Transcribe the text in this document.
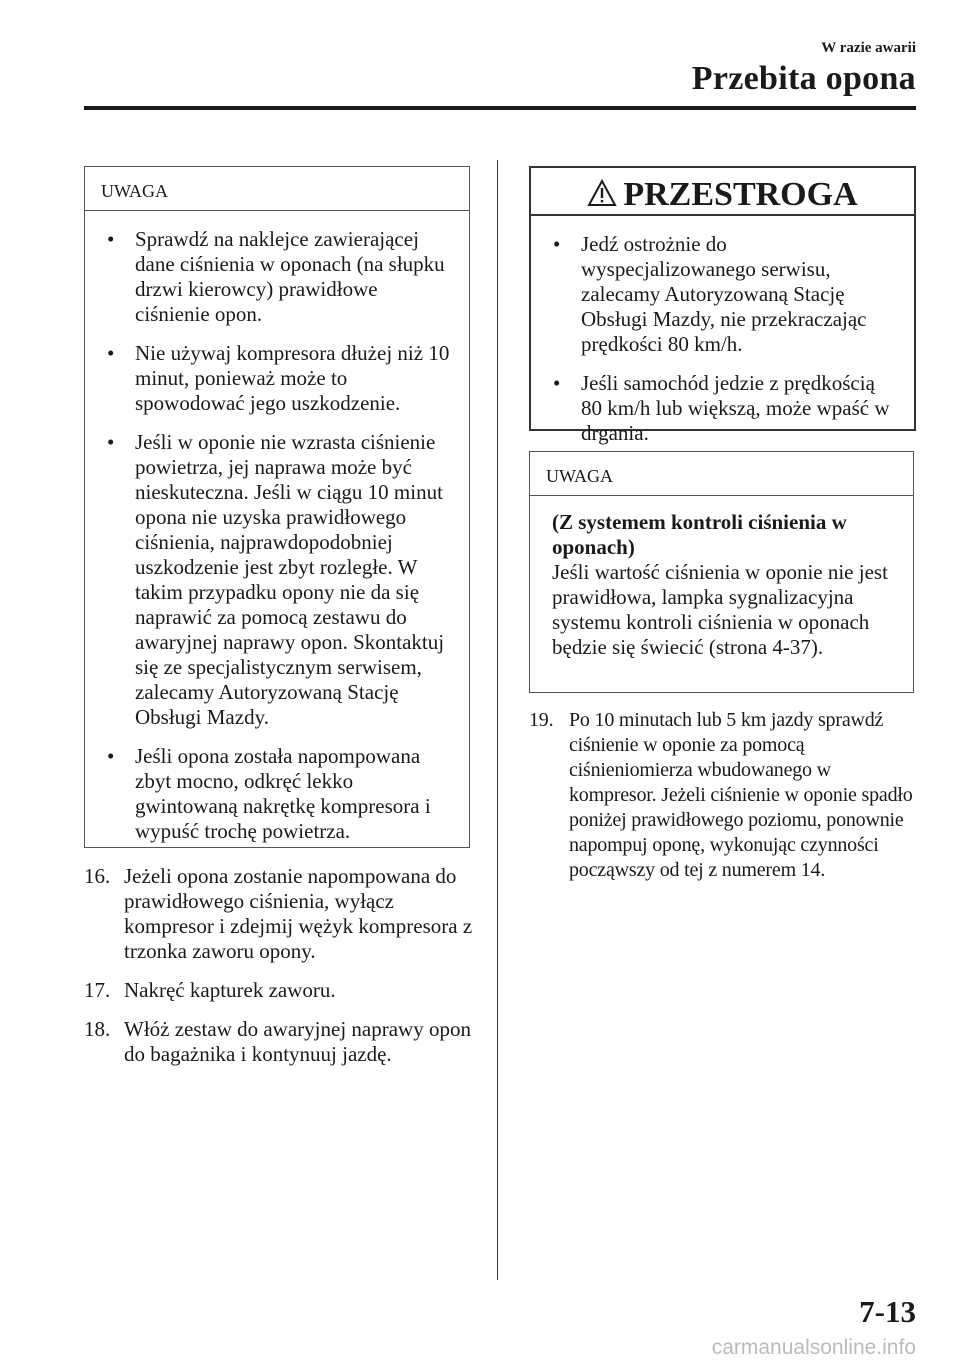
W razie awarii
Przebita opona
UWAGA
• Sprawdź na naklejce zawierającej dane ciśnienia w oponach (na słupku drzwi kierowcy) prawidłowe ciśnienie opon.
• Nie używaj kompresora dłużej niż 10 minut, ponieważ może to spowodować jego uszkodzenie.
• Jeśli w oponie nie wzrasta ciśnienie powietrza, jej naprawa może być nieskuteczna. Jeśli w ciągu 10 minut opona nie uzyska prawidłowego ciśnienia, najprawdopodobniej uszkodzenie jest zbyt rozległe. W takim przypadku opony nie da się naprawić za pomocą zestawu do awaryjnej naprawy opon. Skontaktuj się ze specjalistycznym serwisem, zalecamy Autoryzowaną Stację Obsługi Mazdy.
• Jeśli opona została napompowana zbyt mocno, odkręć lekko gwintowaną nakrętkę kompresora i wypuść trochę powietrza.
16. Jeżeli opona zostanie napompowana do prawidłowego ciśnienia, wyłącz kompresor i zdejmij wężyk kompresora z trzonka zaworu opony.
17. Nakręć kapturek zaworu.
18. Włóż zestaw do awaryjnej naprawy opon do bagażnika i kontynuuj jazdę.
PRZESTROGA
• Jedź ostrożnie do wyspecjalizowanego serwisu, zalecamy Autoryzowaną Stację Obsługi Mazdy, nie przekraczając prędkości 80 km/h.
• Jeśli samochód jedzie z prędkością 80 km/h lub większą, może wpaść w drgania.
UWAGA
(Z systemem kontroli ciśnienia w oponach)
Jeśli wartość ciśnienia w oponie nie jest prawidłowa, lampka sygnalizacyjna systemu kontroli ciśnienia w oponach będzie się świecić (strona 4-37).
19. Po 10 minutach lub 5 km jazdy sprawdź ciśnienie w oponie za pomocą ciśnieniomierza wbudowanego w kompresor. Jeżeli ciśnienie w oponie spadło poniżej prawidłowego poziomu, ponownie napompuj oponę, wykonując czynności począwszy od tej z numerem 14.
7-13
carmanualsonline.info
